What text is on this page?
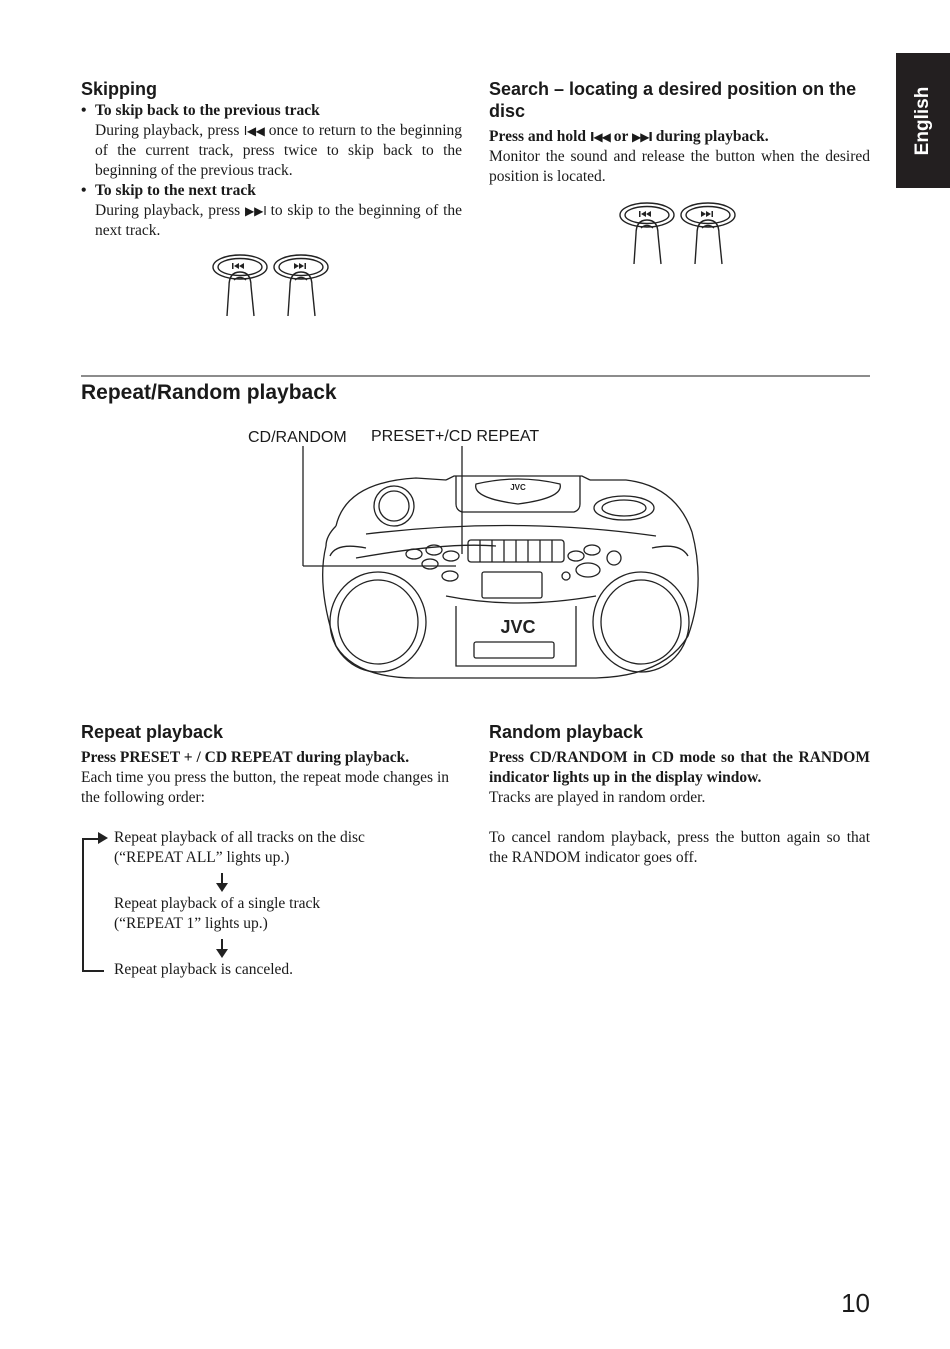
English
Skipping
• To skip back to the previous track
During playback, press I◀◀ once to return to the beginning of the current track, press twice to skip back to the beginning of the previous track.
• To skip to the next track
During playback, press ▶▶I to skip to the beginning of the next track.
Search – locating a desired position on the disc
Press and hold I◀◀ or ▶▶I during playback.
Monitor the sound and release the button when the desired position is located.
Repeat/Random playback
CD/RANDOM PRESET+/CD REPEAT
JVC
JVC
Repeat playback
Press PRESET + / CD REPEAT during playback.
Each time you press the button, the repeat mode changes in the following order:
Repeat playback of all tracks on the disc
(“REPEAT ALL” lights up.)
Repeat playback of a single track
(“REPEAT 1” lights up.)
Repeat playback is canceled.
Random playback
Press CD/RANDOM in CD mode so that the RANDOM indicator lights up in the display window.
Tracks are played in random order.
To cancel random playback, press the button again so that the RANDOM indicator goes off.
10
